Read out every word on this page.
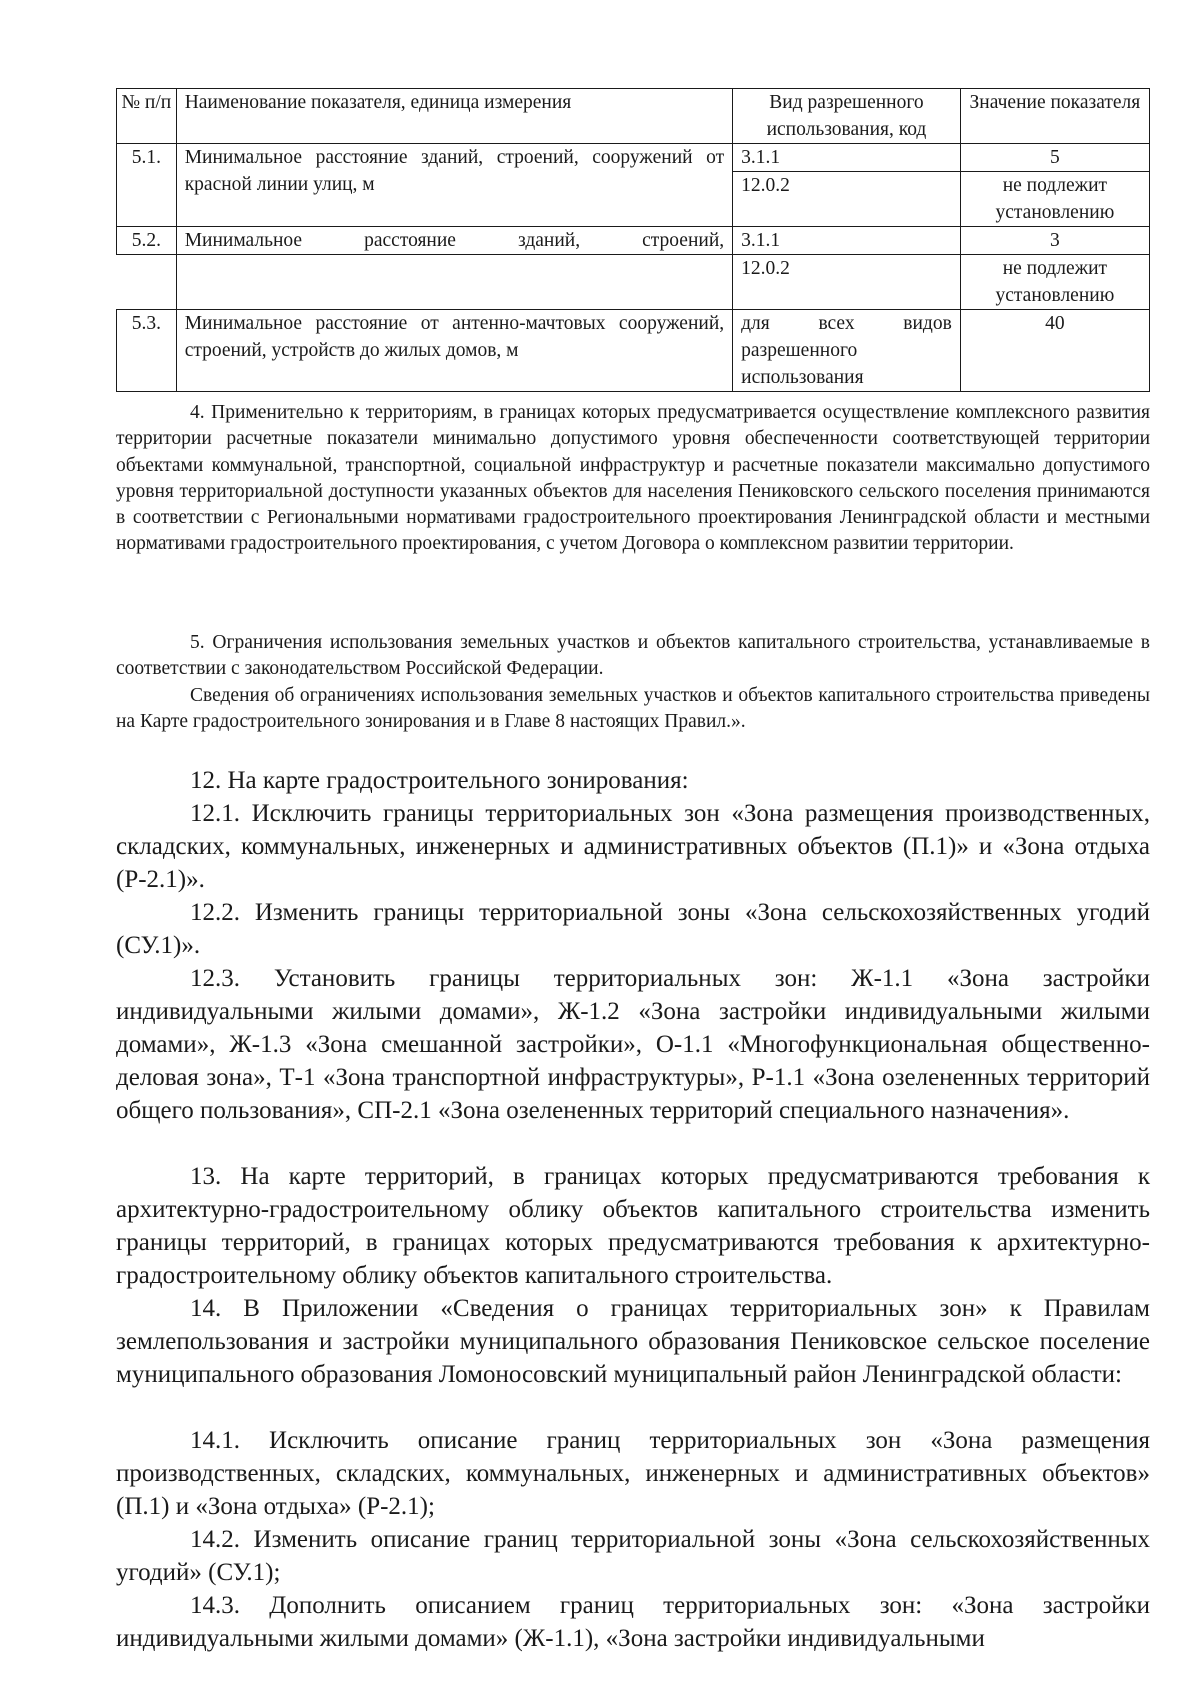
№ п/п	Наименование показателя, единица измерения	Вид разрешенного использования, код	Значение показателя
5.1.	Минимальное расстояние зданий, строений, сооружений от красной линии улиц, м	3.1.1	5
		12.0.2	не подлежит установлению
5.2.	Минимальное расстояние зданий, строений,	3.1.1	3
		12.0.2	не подлежит установлению
5.3.	Минимальное расстояние от антенно-мачтовых сооружений, строений, устройств до жилых домов, м	для всех видов разрешенного использования	40

4. Применительно к территориям, в границах которых предусматривается осуществление комплексного развития территории расчетные показатели минимально допустимого уровня обеспеченности соответствующей территории объектами коммунальной, транспортной, социальной инфраструктур и расчетные показатели максимально допустимого уровня территориальной доступности указанных объектов для населения Пениковского сельского поселения принимаются в соответствии с Региональными нормативами градостроительного проектирования Ленинградской области и местными нормативами градостроительного проектирования, с учетом Договора о комплексном развитии территории.

5. Ограничения использования земельных участков и объектов капитального строительства, устанавливаемые в соответствии с законодательством Российской Федерации.

Сведения об ограничениях использования земельных участков и объектов капитального строительства приведены на Карте градостроительного зонирования и в Главе 8 настоящих Правил.».

12. На карте градостроительного зонирования:

12.1. Исключить границы территориальных зон «Зона размещения производственных, складских, коммунальных, инженерных и административных объектов (П.1)» и «Зона отдыха (Р-2.1)».

12.2. Изменить границы территориальной зоны «Зона сельскохозяйственных угодий (СУ.1)».

12.3. Установить границы территориальных зон: Ж-1.1 «Зона застройки индивидуальными жилыми домами», Ж-1.2 «Зона застройки индивидуальными жилыми домами», Ж-1.3 «Зона смешанной застройки», О-1.1 «Многофункциональная общественно-деловая зона», Т-1 «Зона транспортной инфраструктуры», Р-1.1 «Зона озелененных территорий общего пользования», СП-2.1 «Зона озелененных территорий специального назначения».

13. На карте территорий, в границах которых предусматриваются требования к архитектурно-градостроительному облику объектов капитального строительства изменить границы территорий, в границах которых предусматриваются требования к архитектурно-градостроительному облику объектов капитального строительства.

14. В Приложении «Сведения о границах территориальных зон» к Правилам землепользования и застройки муниципального образования Пениковское сельское поселение муниципального образования Ломоносовский муниципальный район Ленинградской области:

14.1. Исключить описание границ территориальных зон «Зона размещения производственных, складских, коммунальных, инженерных и административных объектов» (П.1) и «Зона отдыха» (Р-2.1);

14.2. Изменить описание границ территориальной зоны «Зона сельскохозяйственных угодий» (СУ.1);

14.3. Дополнить описанием границ территориальных зон: «Зона застройки индивидуальными жилыми домами» (Ж-1.1), «Зона застройки индивидуальными
